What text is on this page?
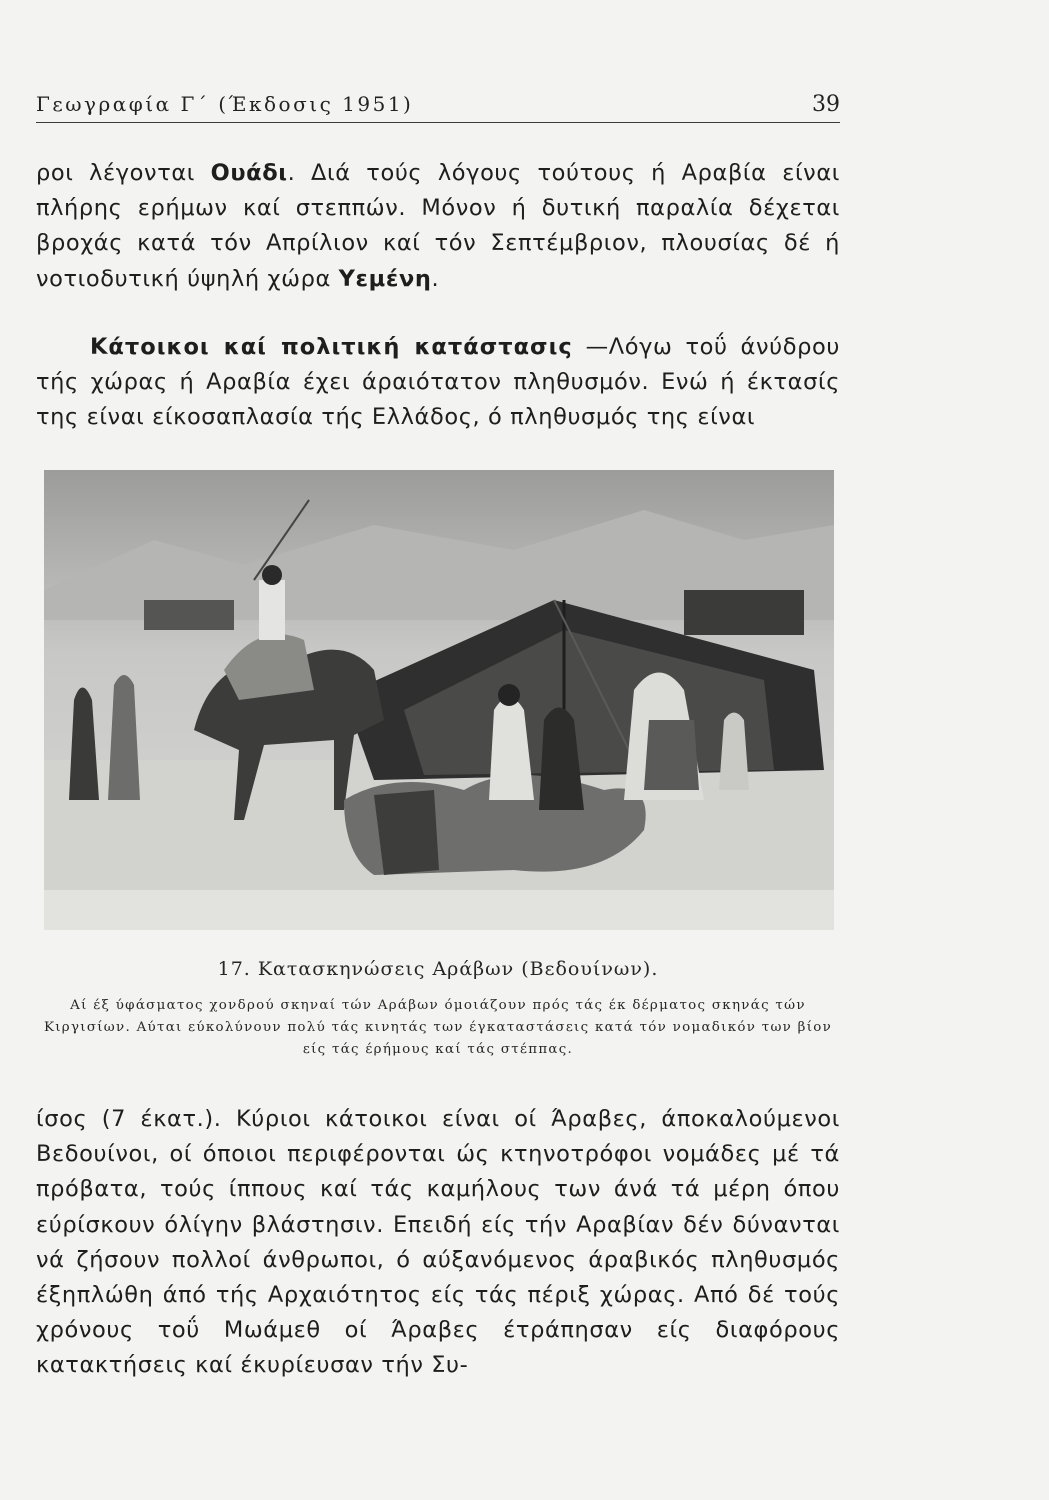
Γεωγραφία Γ΄ (Έκδοσις 1951)	39
ροι λέγονται Ουάδι. Διά τούς λόγους τούτους ή Αραβία είναι πλήρης ερήμων καί στεππών. Μόνον ή δυτική παραλία δέχεται βροχάς κατά τόν Απρίλιον καί τόν Σεπτέμβριον, πλουσίας δέ ή νοτιοδυτική ύψηλή χώρα Υεμένη.
Κάτοικοι καί πολιτική κατάστασις —Λόγω τοΰ άνύδρου τής χώρας ή Αραβία έχει άραιότατον πληθυσμόν. Ενώ ή έκτασίς της είναι είκοσαπλασία τής Ελλάδος, ό πληθυσμός της είναι
17. Κατασκηνώσεις Αράβων (Βεδουίνων).
Αί έξ ύφάσματος χονδρού σκηναί τών Αράβων όμοιάζουν πρός τάς έκ δέρματος σκηνάς τών Κιργισίων. Αύται εύκολύνουν πολύ τάς κινητάς των έγκαταστάσεις κατά τόν νομαδικόν των βίον είς τάς έρήμους καί τάς στέππας.
ίσος (7 έκατ.). Κύριοι κάτοικοι είναι οί Άραβες, άποκαλούμενοι Βεδουίνοι, οί όποιοι περιφέρονται ώς κτηνοτρόφοι νομάδες μέ τά πρόβατα, τούς ίππους καί τάς καμήλους των άνά τά μέρη όπου εύρίσκουν όλίγην βλάστησιν. Επειδή είς τήν Αραβίαν δέν δύνανται νά ζήσουν πολλοί άνθρωποι, ό αύξανόμενος άραβικός πληθυσμός έξηπλώθη άπό τής Αρχαιότητος είς τάς πέριξ χώρας. Από δέ τούς χρόνους τοΰ Μωάμεθ οί Άραβες έτράπησαν είς διαφόρους κατακτήσεις καί έκυρίευσαν τήν Συ-
